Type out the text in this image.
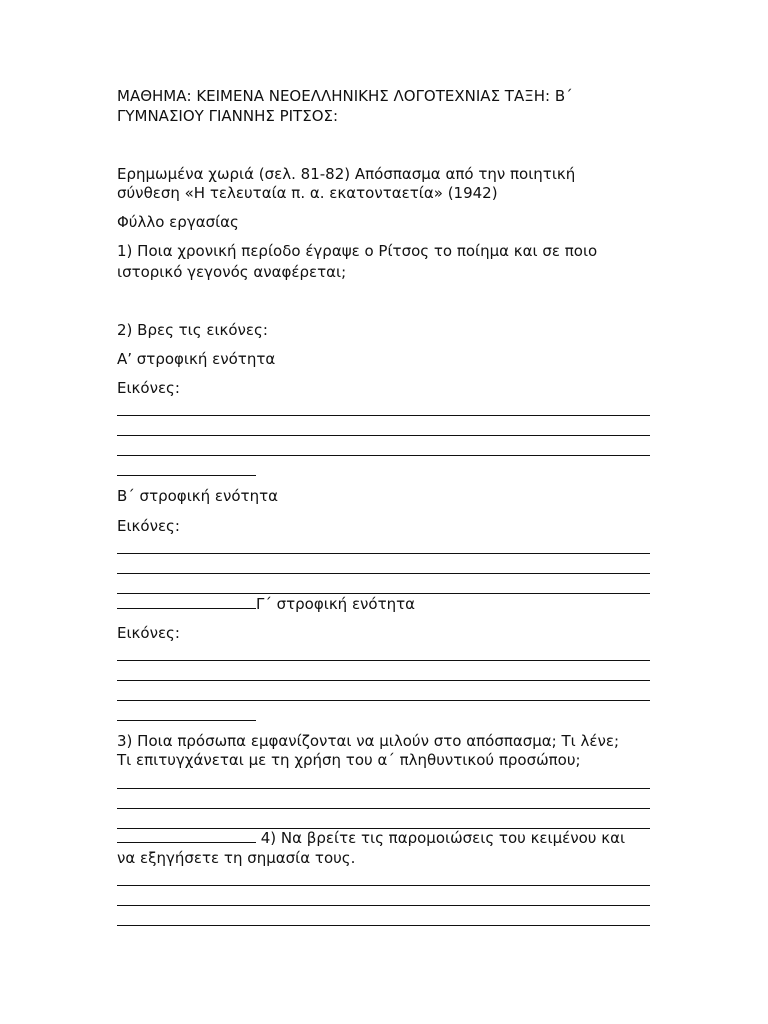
ΜΑΘΗΜΑ: ΚΕΙΜΕΝΑ ΝΕΟΕΛΛΗΝΙΚΗΣ ΛΟΓΟΤΕΧΝΙΑΣ ΤΑΞΗ: Β΄

ΓΥΜΝΑΣΙΟΥ ΓΙΑΝΝΗΣ ΡΙΤΣΟΣ:

Ερημωμένα χωριά (σελ. 81-82) Απόσπασμα από την ποιητική

σύνθεση «Η τελευταία π. α. εκατονταετία» (1942)

Φύλλο εργασίας

1) Ποια χρονική περίοδο έγραψε ο Ρίτσος το ποίημα και σε ποιο

ιστορικό γεγονός αναφέρεται;

2) Βρες τις εικόνες:

Α’ στροφική ενότητα

Εικόνες:

Β΄ στροφική ενότητα

Εικόνες:

Γ΄ στροφική ενότητα

Εικόνες:

3) Ποια πρόσωπα εμφανίζονται να μιλούν στο απόσπασμα; Τι λένε;

Τι επιτυγχάνεται με τη χρήση του α΄ πληθυντικού προσώπου;

4) Να βρείτε τις παρομοιώσεις του κειμένου και

να εξηγήσετε τη σημασία τους.
